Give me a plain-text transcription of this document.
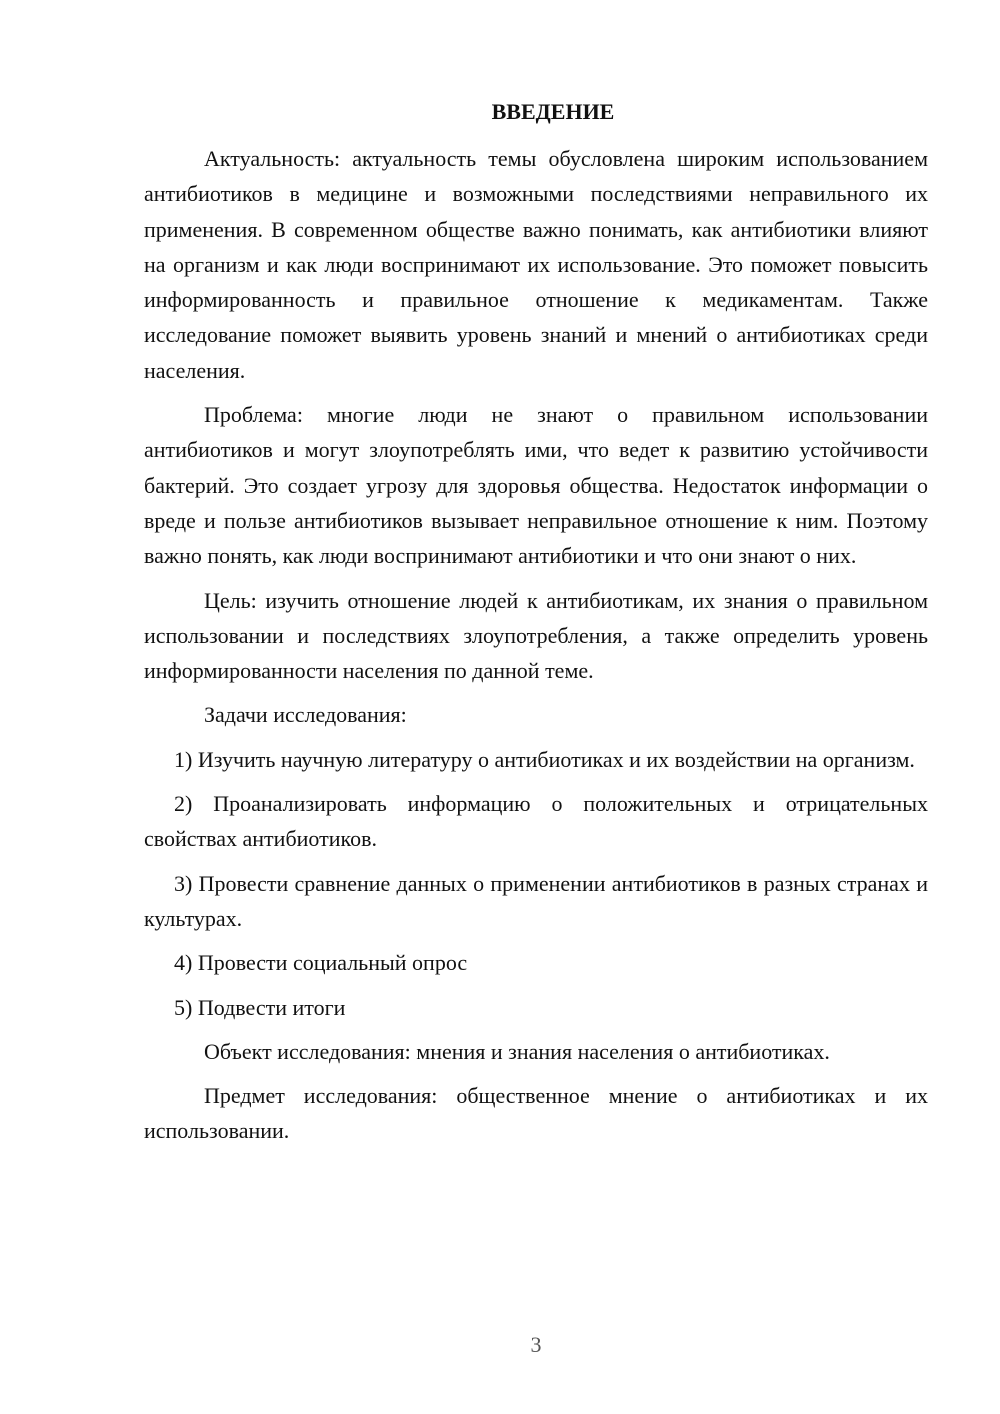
ВВЕДЕНИЕ

Актуальность: актуальность темы обусловлена широким использованием антибиотиков в медицине и возможными последствиями неправильного их применения. В современном обществе важно понимать, как антибиотики влияют на организм и как люди воспринимают их использование. Это поможет повысить информированность и правильное отношение к медикаментам. Также исследование поможет выявить уровень знаний и мнений о антибиотиках среди населения.

Проблема: многие люди не знают о правильном использовании антибиотиков и могут злоупотреблять ими, что ведет к развитию устойчивости бактерий. Это создает угрозу для здоровья общества. Недостаток информации о вреде и пользе антибиотиков вызывает неправильное отношение к ним. Поэтому важно понять, как люди воспринимают антибиотики и что они знают о них.

Цель: изучить отношение людей к антибиотикам, их знания о правильном использовании и последствиях злоупотребления, а также определить уровень информированности населения по данной теме.

Задачи исследования:

1) Изучить научную литературу о антибиотиках и их воздействии на организм.

2) Проанализировать информацию о положительных и отрицательных свойствах антибиотиков.

3) Провести сравнение данных о применении антибиотиков в разных странах и культурах.

4) Провести социальный опрос

5) Подвести итоги

Объект исследования: мнения и знания населения о антибиотиках.

Предмет исследования: общественное мнение о антибиотиках и их использовании.

3
